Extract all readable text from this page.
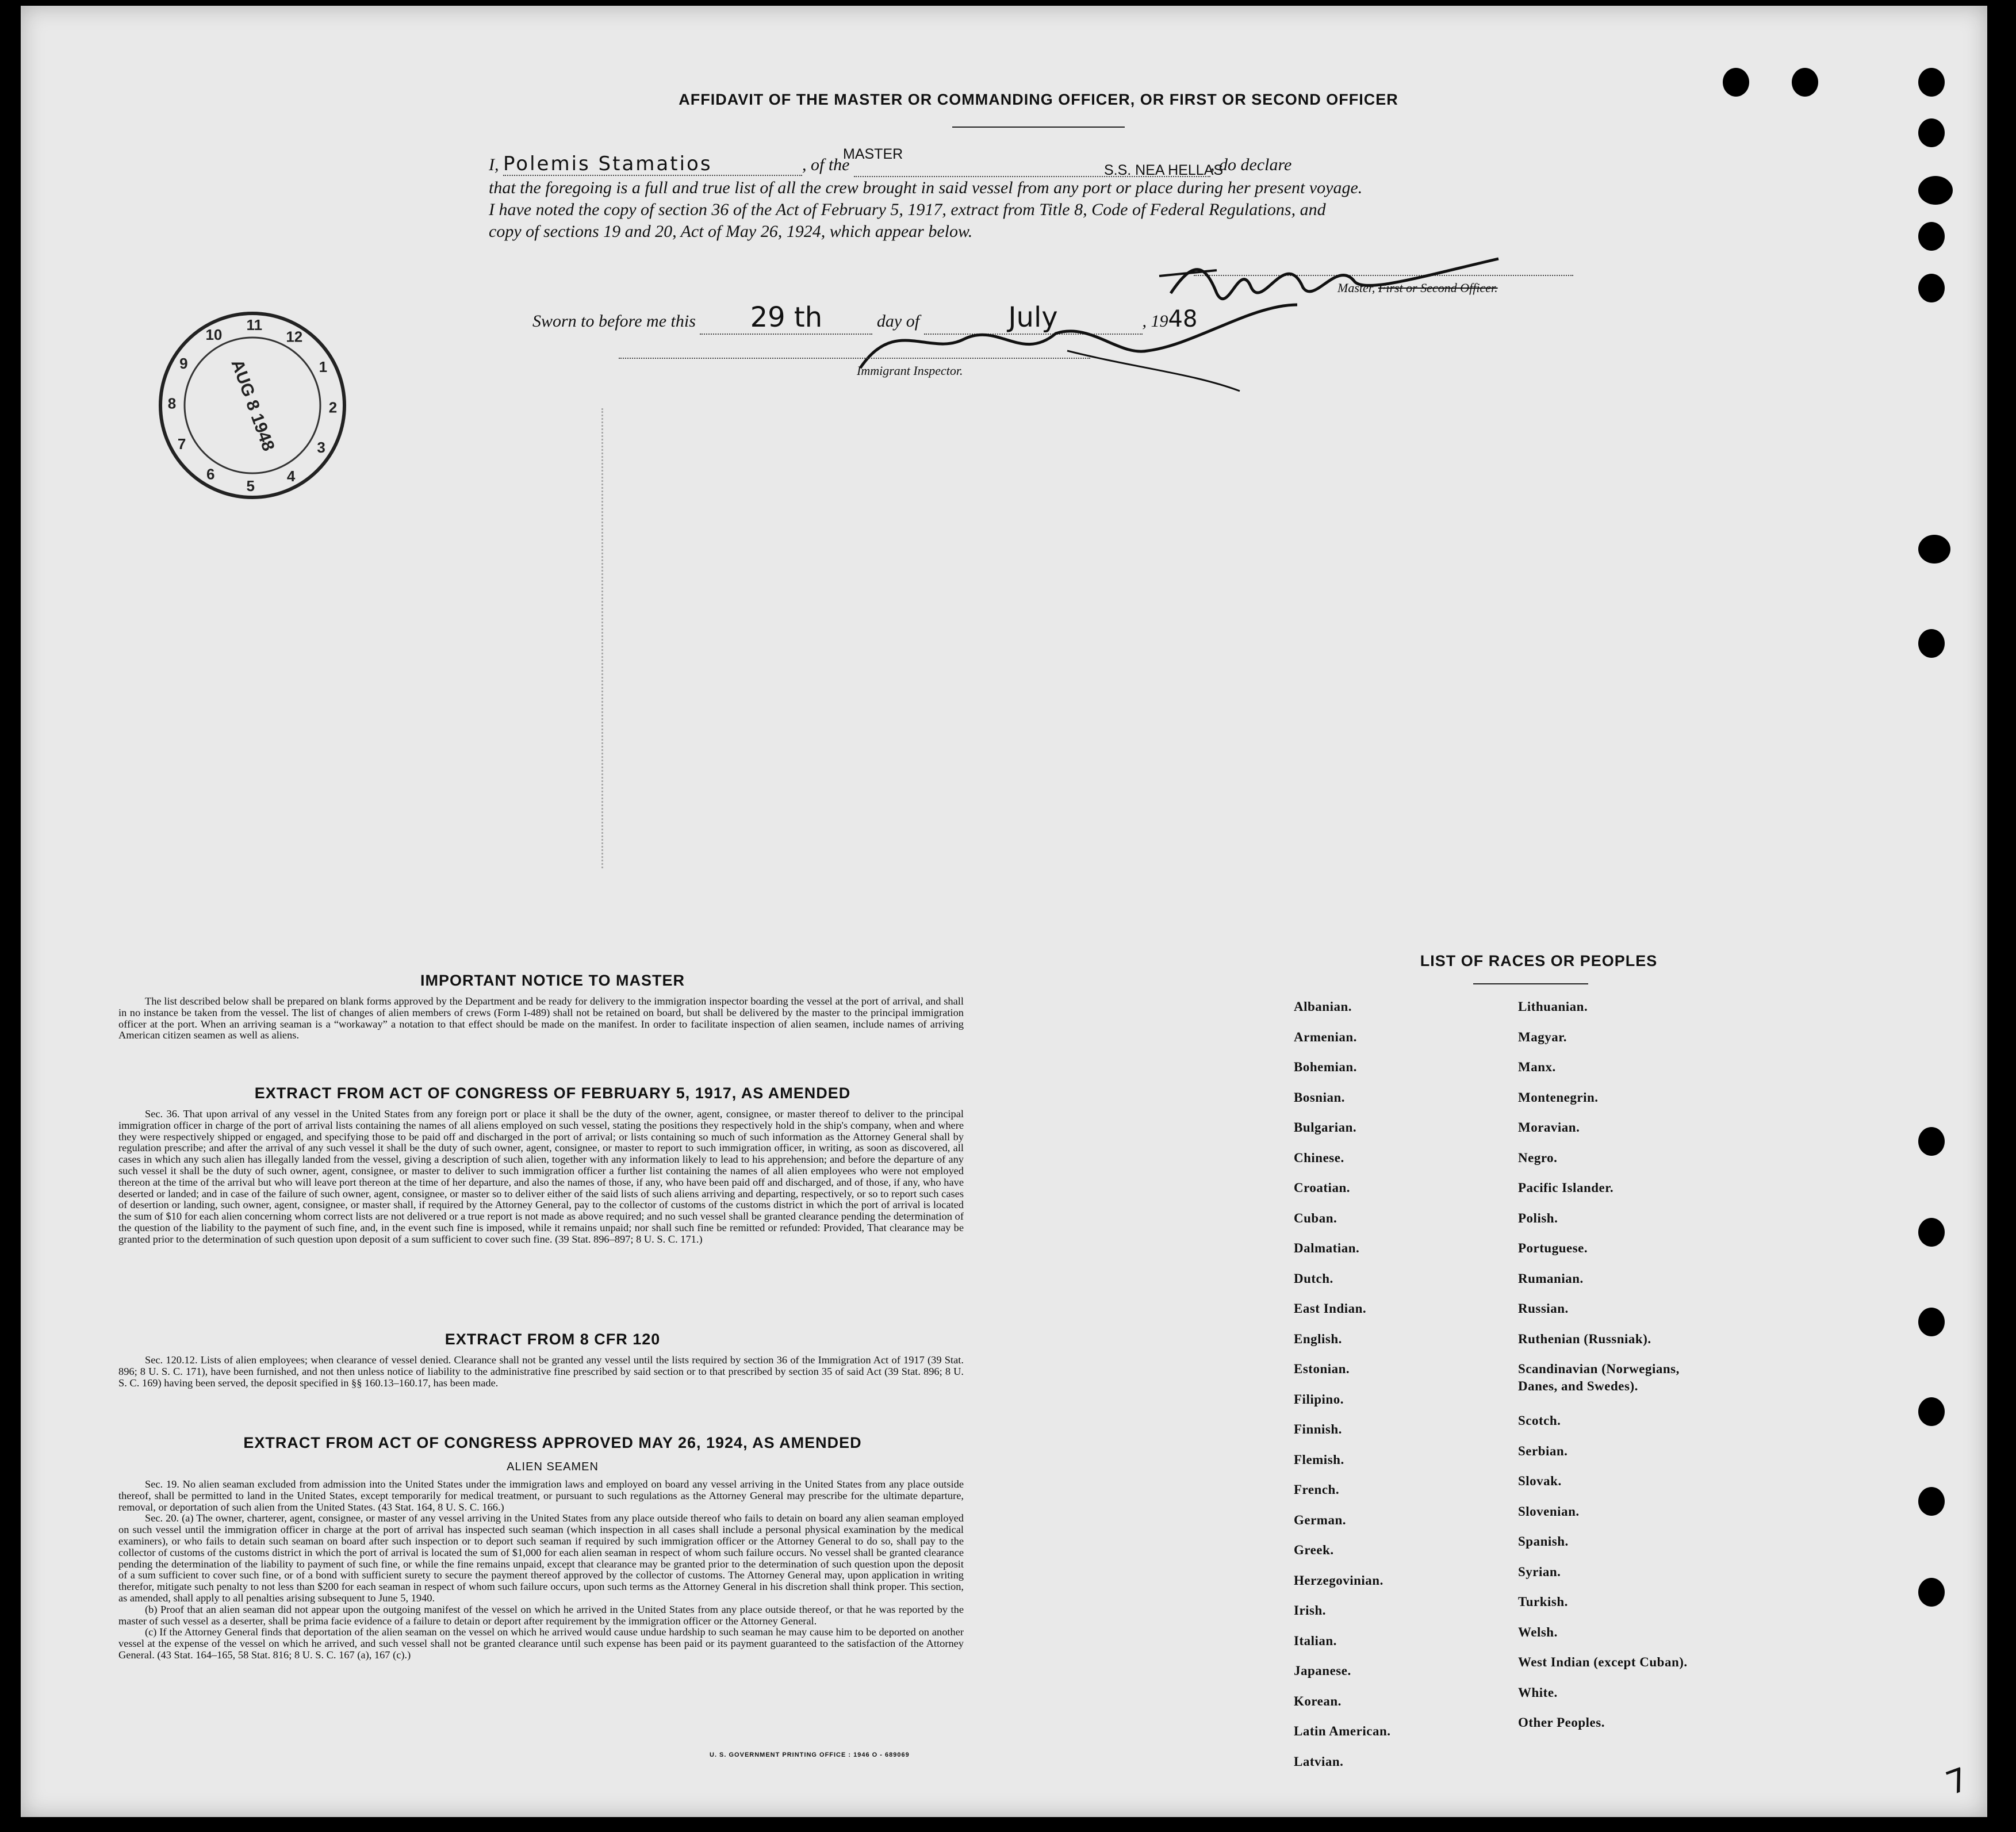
AFFIDAVIT OF THE MASTER OR COMMANDING OFFICER, OR FIRST OR SECOND OFFICER
MASTER
S.S. NEA HELLAS
I, Polemis Stamatios	, of the	, do declare
that the foregoing is a full and true list of all the crew brought in said vessel from any port or place during her present voyage.
I have noted the copy of section 36 of the Act of February 5, 1917, extract from Title 8, Code of Federal Regulations, and
copy of sections 19 and 20, Act of May 26, 1924, which appear below.
Master, First or Second Officer.
Sworn to before me this 29 th	day of	July	, 1948
Immigrant Inspector.
10
11
12
1
2
3
4
5
6
7
8
9 AUG 8 1948
IMPORTANT NOTICE TO MASTER
The list described below shall be prepared on blank forms approved by the Department and be ready for delivery to the immigration inspector boarding the vessel at the port of arrival, and shall in no instance be taken from the vessel. The list of changes of alien members of crews (Form I-489) shall not be retained on board, but shall be delivered by the master to the principal immigration officer at the port. When an arriving seaman is a “workaway” a notation to that effect should be made on the manifest. In order to facilitate inspection of alien seamen, include names of arriving American citizen seamen as well as aliens.
EXTRACT FROM ACT OF CONGRESS OF FEBRUARY 5, 1917, AS AMENDED
Sec. 36. That upon arrival of any vessel in the United States from any foreign port or place it shall be the duty of the owner, agent, consignee, or master thereof to deliver to the principal immigration officer in charge of the port of arrival lists containing the names of all aliens employed on such vessel, stating the positions they respectively hold in the ship's company, when and where they were respectively shipped or engaged, and specifying those to be paid off and discharged in the port of arrival; or lists containing so much of such information as the Attorney General shall by regulation prescribe; and after the arrival of any such vessel it shall be the duty of such owner, agent, consignee, or master to report to such immigration officer, in writing, as soon as discovered, all cases in which any such alien has illegally landed from the vessel, giving a description of such alien, together with any information likely to lead to his apprehension; and before the departure of any such vessel it shall be the duty of such owner, agent, consignee, or master to deliver to such immigration officer a further list containing the names of all alien employees who were not employed thereon at the time of the arrival but who will leave port thereon at the time of her departure, and also the names of those, if any, who have been paid off and discharged, and of those, if any, who have deserted or landed; and in case of the failure of such owner, agent, consignee, or master so to deliver either of the said lists of such aliens arriving and departing, respectively, or so to report such cases of desertion or landing, such owner, agent, consignee, or master shall, if required by the Attorney General, pay to the collector of customs of the customs district in which the port of arrival is located the sum of $10 for each alien concerning whom correct lists are not delivered or a true report is not made as above required; and no such vessel shall be granted clearance pending the determination of the question of the liability to the payment of such fine, and, in the event such fine is imposed, while it remains unpaid; nor shall such fine be remitted or refunded: Provided, That clearance may be granted prior to the determination of such question upon deposit of a sum sufficient to cover such fine. (39 Stat. 896–897; 8 U. S. C. 171.)
EXTRACT FROM 8 CFR 120
Sec. 120.12. Lists of alien employees; when clearance of vessel denied. Clearance shall not be granted any vessel until the lists required by section 36 of the Immigration Act of 1917 (39 Stat. 896; 8 U. S. C. 171), have been furnished, and not then unless notice of liability to the administrative fine prescribed by said section or to that prescribed by section 35 of said Act (39 Stat. 896; 8 U. S. C. 169) having been served, the deposit specified in §§ 160.13–160.17, has been made.
EXTRACT FROM ACT OF CONGRESS APPROVED MAY 26, 1924, AS AMENDED
ALIEN SEAMEN
Sec. 19. No alien seaman excluded from admission into the United States under the immigration laws and employed on board any vessel arriving in the United States from any place outside thereof, shall be permitted to land in the United States, except temporarily for medical treatment, or pursuant to such regulations as the Attorney General may prescribe for the ultimate departure, removal, or deportation of such alien from the United States. (43 Stat. 164, 8 U. S. C. 166.)
Sec. 20. (a) The owner, charterer, agent, consignee, or master of any vessel arriving in the United States from any place outside thereof who fails to detain on board any alien seaman employed on such vessel until the immigration officer in charge at the port of arrival has inspected such seaman (which inspection in all cases shall include a personal physical examination by the medical examiners), or who fails to detain such seaman on board after such inspection or to deport such seaman if required by such immigration officer or the Attorney General to do so, shall pay to the collector of customs of the customs district in which the port of arrival is located the sum of $1,000 for each alien seaman in respect of whom such failure occurs. No vessel shall be granted clearance pending the determination of the liability to payment of such fine, or while the fine remains unpaid, except that clearance may be granted prior to the determination of such question upon the deposit of a sum sufficient to cover such fine, or of a bond with sufficient surety to secure the payment thereof approved by the collector of customs. The Attorney General may, upon application in writing therefor, mitigate such penalty to not less than $200 for each seaman in respect of whom such failure occurs, upon such terms as the Attorney General in his discretion shall think proper. This section, as amended, shall apply to all penalties arising subsequent to June 5, 1940.
(b) Proof that an alien seaman did not appear upon the outgoing manifest of the vessel on which he arrived in the United States from any place outside thereof, or that he was reported by the master of such vessel as a deserter, shall be prima facie evidence of a failure to detain or deport after requirement by the immigration officer or the Attorney General.
(c) If the Attorney General finds that deportation of the alien seaman on the vessel on which he arrived would cause undue hardship to such seaman he may cause him to be deported on another vessel at the expense of the vessel on which he arrived, and such vessel shall not be granted clearance until such expense has been paid or its payment guaranteed to the satisfaction of the Attorney General. (43 Stat. 164–165, 58 Stat. 816; 8 U. S. C. 167 (a), 167 (c).)
U. S. GOVERNMENT PRINTING OFFICE : 1946 O - 689069
LIST OF RACES OR PEOPLES
7
Albanian.
Armenian.
Bohemian.
Bosnian.
Bulgarian.
Chinese.
Croatian.
Cuban.
Dalmatian.
Dutch.
East Indian.
English.
Estonian.
Filipino.
Finnish.
Flemish.
French.
German.
Greek.
Herzegovinian.
Irish.
Italian.
Japanese.
Korean.
Latin American.
Latvian.
Lithuanian.
Magyar.
Manx.
Montenegrin.
Moravian.
Negro.
Pacific Islander.
Polish.
Portuguese.
Rumanian.
Russian.
Ruthenian (Russniak).
Scandinavian (Norwegians,
Danes, and Swedes).
Scotch.
Serbian.
Slovak.
Slovenian.
Spanish.
Syrian.
Turkish.
Welsh.
West Indian (except Cuban).
White.
Other Peoples.
